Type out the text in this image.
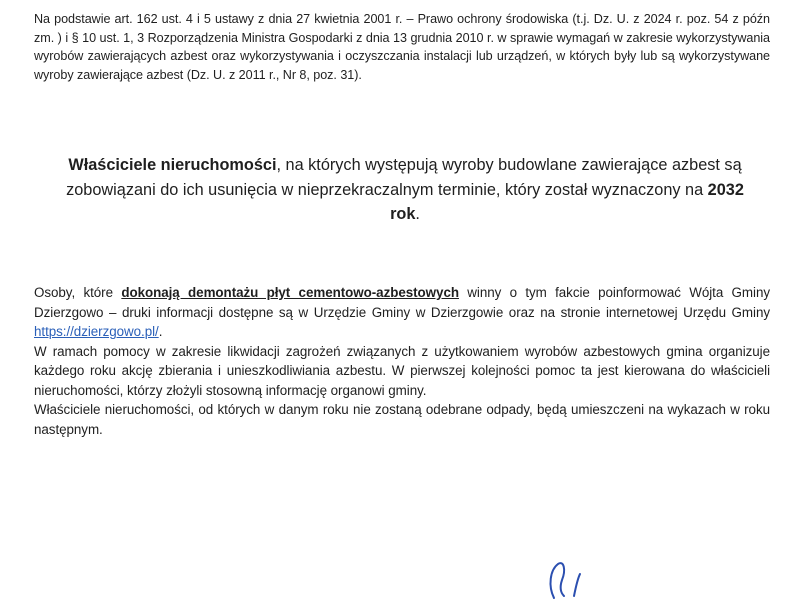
Na podstawie art. 162 ust. 4 i 5 ustawy z dnia 27 kwietnia 2001 r. – Prawo ochrony środowiska (t.j. Dz. U. z 2024 r. poz. 54 z późn zm. ) i § 10 ust. 1, 3 Rozporządzenia Ministra Gospodarki z dnia 13 grudnia 2010 r. w sprawie wymagań w zakresie wykorzystywania wyrobów zawierających azbest oraz wykorzystywania i oczyszczania instalacji lub urządzeń, w których były lub są wykorzystywane wyroby zawierające azbest (Dz. U. z 2011 r., Nr 8, poz. 31).
Właściciele nieruchomości, na których występują wyroby budowlane zawierające azbest są zobowiązani do ich usunięcia w nieprzekraczalnym terminie, który został wyznaczony na 2032 rok.

Osoby, które dokonają demontażu płyt cementowo-azbestowych winny o tym fakcie poinformować Wójta Gminy Dzierzgowo – druki informacji dostępne są w Urzędzie Gminy w Dzierzgowie oraz na stronie internetowej Urzędu Gminy https://dzierzgowo.pl/.

W ramach pomocy w zakresie likwidacji zagrożeń związanych z użytkowaniem wyrobów azbestowych gmina organizuje każdego roku akcję zbierania i unieszkodliwiania azbestu. W pierwszej kolejności pomoc ta jest kierowana do właścicieli nieruchomości, którzy złożyli stosowną informację organowi gminy.

Właściciele nieruchomości, od których w danym roku nie zostaną odebrane odpady, będą umieszczeni na wykazach w roku następnym.
